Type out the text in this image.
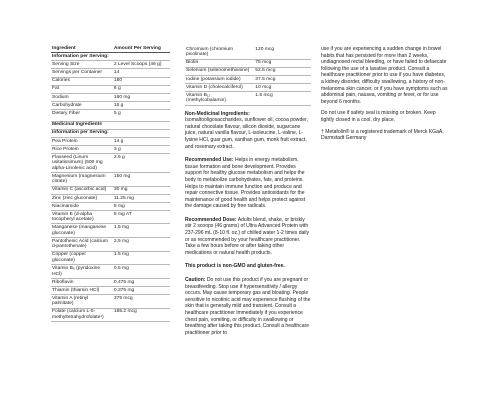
Ingredient	Amount Per Serving
Information per Serving:	
Serving Size	2 Level Scoops (46 g)
Servings per Container	14
Calories	180
Fat	6 g
Sodium	160 mg
Carbohydrate	15 g
Dietary Fiber	5 g
Medicinal Ingredients	
Information per Serving:	
Pea Protein	14 g
Rice Protein	3 g
Flaxseed (Linum usitatissimum) (500 mg alpha-Linolenic acid)	2.5 g
Magnesium (magnesium citrate)	150 mg
Vitamin C (ascorbic acid)	30 mg
Zinc (zinc gluconate)	11.25 mg
Niacinamide	5 mg
Vitamin E (d-alpha tocopheryl acetate)	5 mg AT
Manganese (manganese gluconate)	1.5 mg
Pantothenic Acid (calcium d-pantothenate)	2.5 mg
Copper (copper gluconate)	1.5 mg
Vitamin B₆ (pyridoxine HCl)	0.5 mg
Riboflavin	0.475 mg
Thiamin (thiamin HCl)	0.375 mg
Vitamin A (retinyl palmitate)	375 mcg
Folate (calcium L-5-methyltetrahydrofolate¹)	185.2 mcg
Chromium (chromium picolinate)	120 mcg
Biotin	75 mcg
Selenium (selenomethionine)	52.5 mcg
Iodine (potassium iodide)	37.5 mcg
Vitamin D (cholecalciferol)	10 mcg
Vitamin B₁₂ (methylcobalamin)	1.5 mcg

Non-Medicinal Ingredients:
Isomaltooligosaccharides, sunflower oil, cocoa powder, natural chocolate flavour, silicon dioxide, sugarcane juice, natural vanilla flavour, L-isoleucine, L-valine, L-lysine HCl, guar gum, xanthan gum, monk fruit extract, and rosemary extract.

Recommended Use: Helps in energy metabolism, tissue formation and bone development. Provides support for healthy glucose metabolism and helps the body to metabolize carbohydrates, fats, and proteins. Helps to maintain immune function and produce and repair connective tissue. Provides antioxidants for the maintenance of good health and helps protect against the damage caused by free radicals.

Recommended Dose: Adults blend, shake, or briskly stir 2 scoops (46 grams) of Ultra Advanced Protein with 237-296 mL (8-10 fl. oz.) of chilled water 1-2 times daily or as recommended by your healthcare practitioner. Take a few hours before or after taking other medications or natural health products.

This product is non-GMO and gluten-free.

Caution: Do not use this product if you are pregnant or breastfeeding. Stop use if hypersensitivity / allergy occurs. May cause temporary gas and bloating. People sensitive to nicotinic acid may experience flushing of the skin that is generally mild and transient. Consult a healthcare practitioner immediately if you experience chest pain, vomiting, or difficulty in swallowing or breathing after taking this product. Consult a healthcare practitioner prior to

use if you are experiencing a sudden change in bowel habits that has persisted for more than 2 weeks, undiagnosed rectal bleeding, or have failed to defaecate following the use of a laxative product. Consult a healthcare practitioner prior to use if you have diabetes, a kidney disorder, difficulty swallowing, a history of non-melanoma skin cancer, or if you have symptoms such as abdominal pain, nausea, vomiting or fever, or for use beyond 6 months.

Do not use if safety seal is missing or broken. Keep tightly closed in a cool, dry place.

† Metafolin® is a registered trademark of Merck KGaA, Darmstadt Germany
